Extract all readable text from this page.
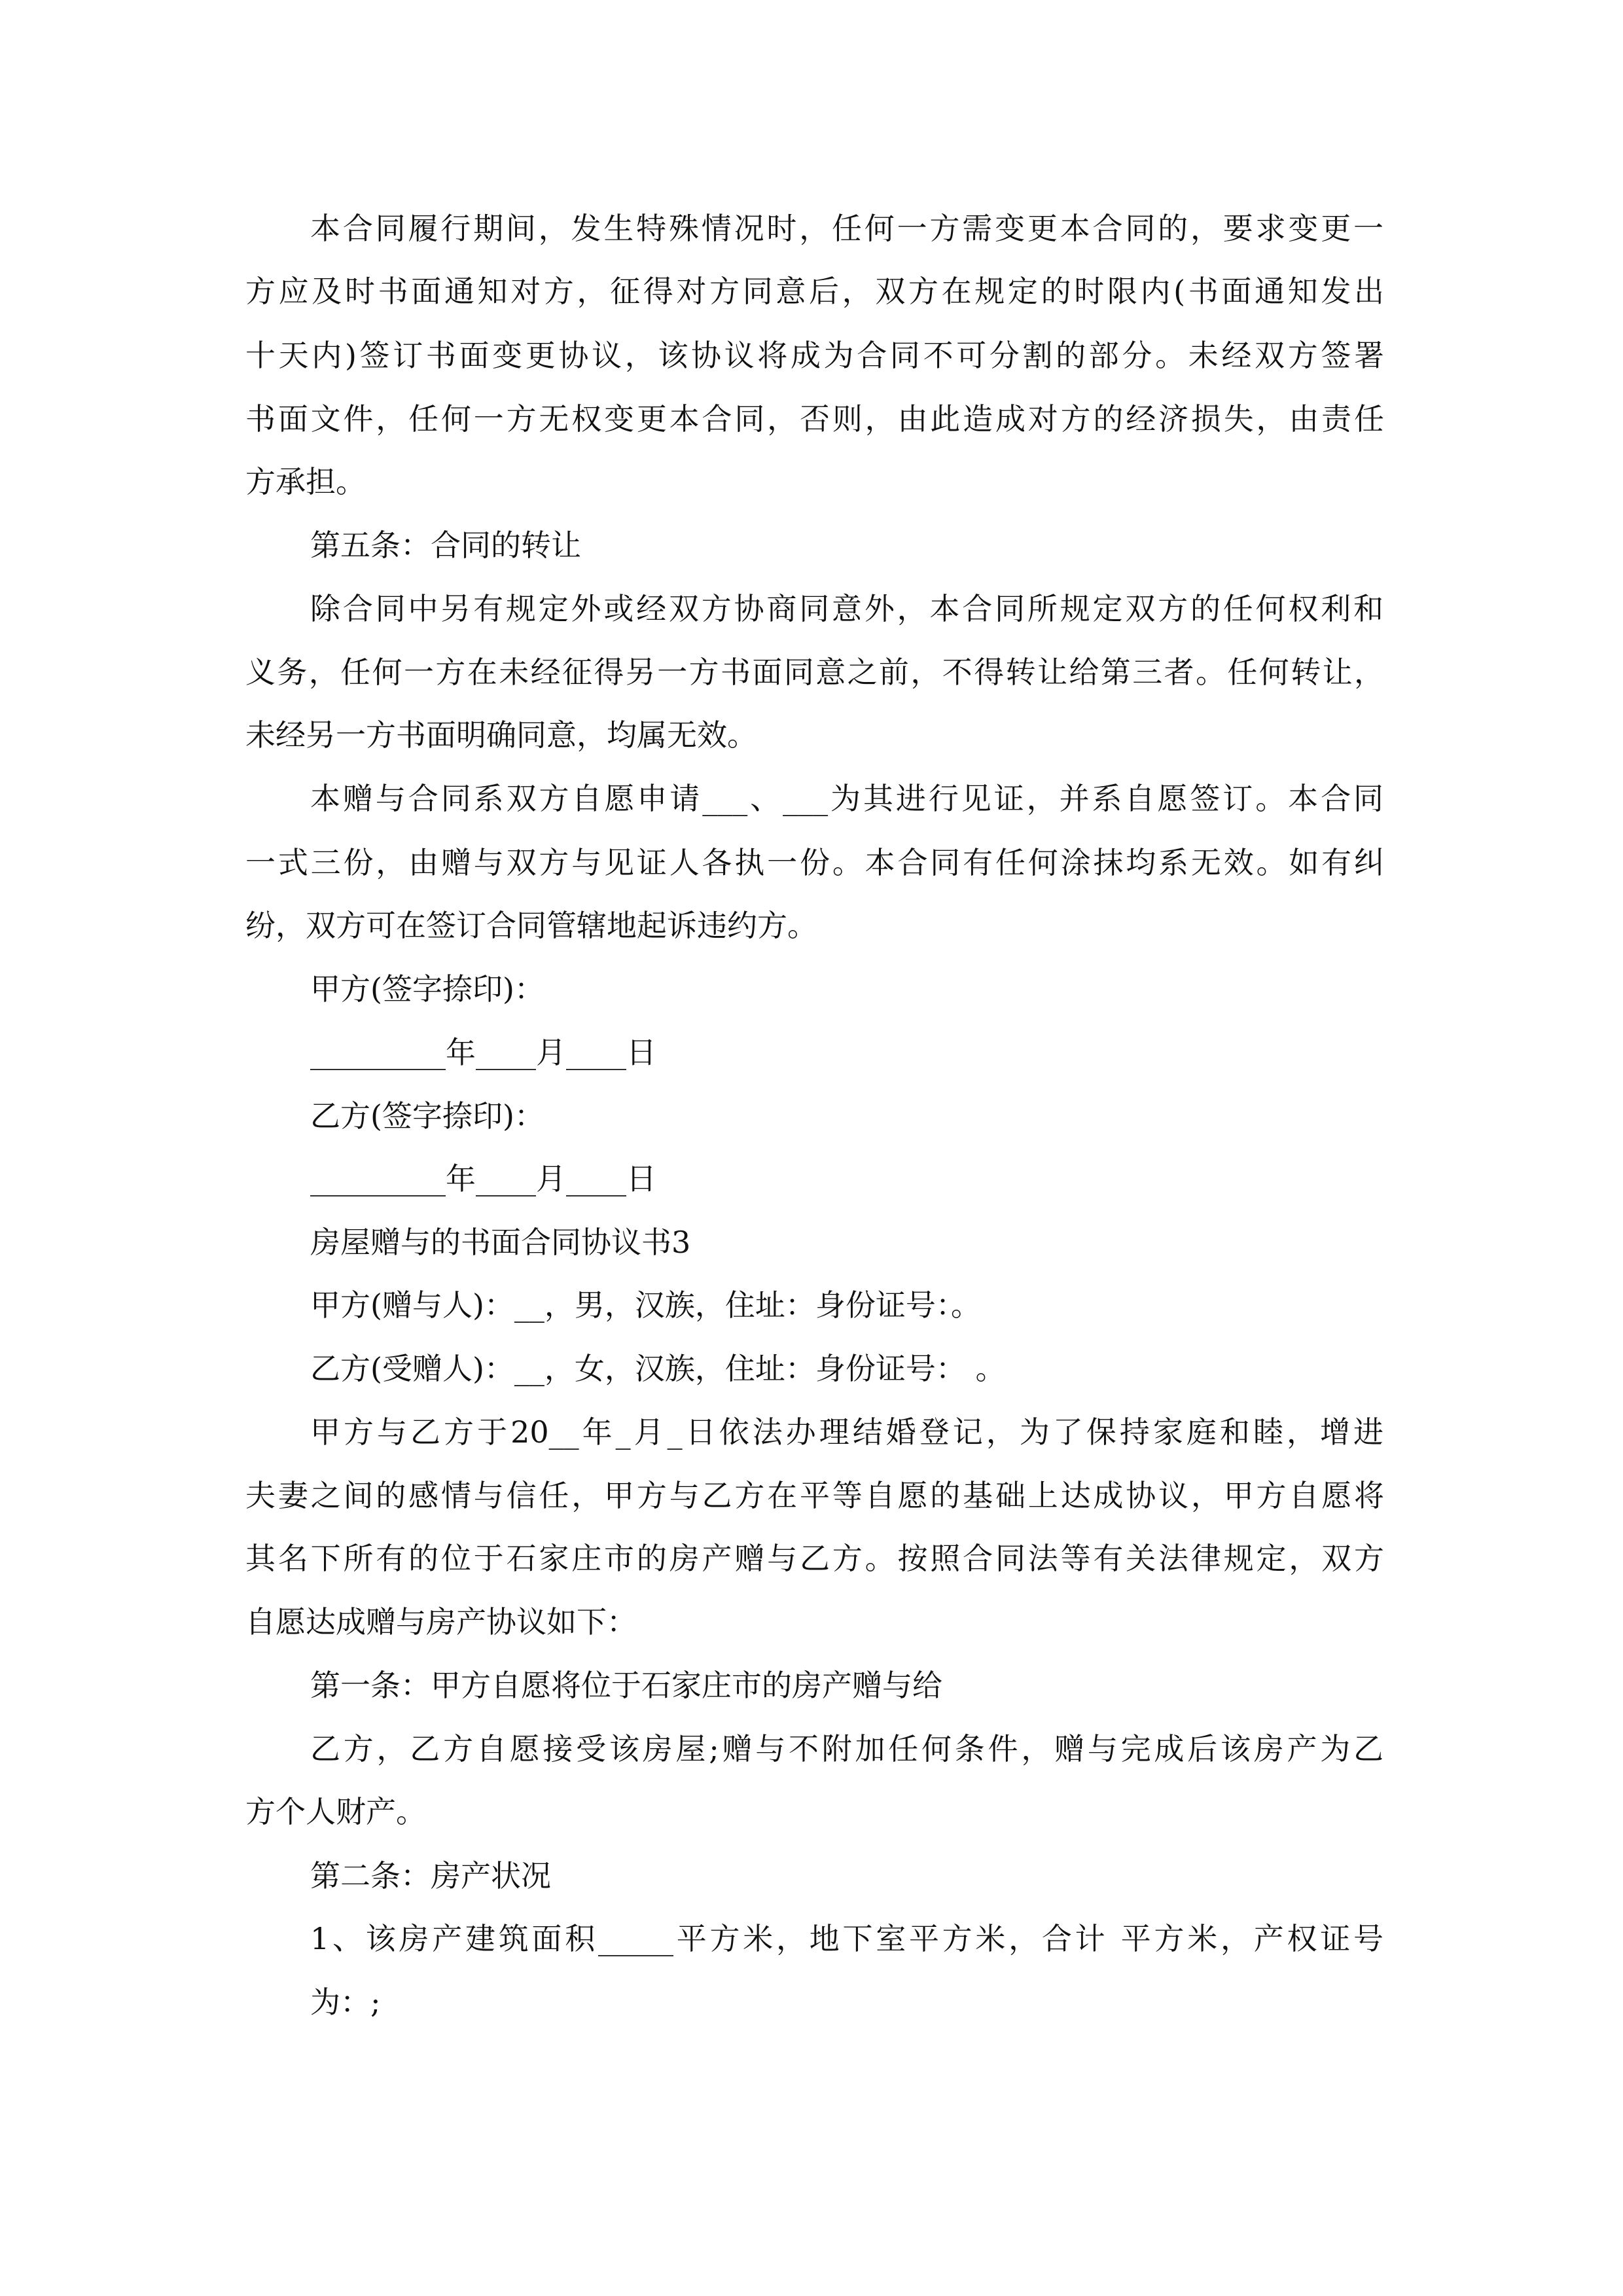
本合同履行期间，发生特殊情况时，任何一方需变更本合同的，要求变更一
方应及时书面通知对方，征得对方同意后，双方在规定的时限内(书面通知发出
十天内)签订书面变更协议，该协议将成为合同不可分割的部分。未经双方签署
书面文件，任何一方无权变更本合同，否则，由此造成对方的经济损失，由责任
方承担。
第五条：合同的转让
除合同中另有规定外或经双方协商同意外，本合同所规定双方的任何权利和
义务，任何一方在未经征得另一方书面同意之前，不得转让给第三者。任何转让，
未经另一方书面明确同意，均属无效。
本赠与合同系双方自愿申请___、___为其进行见证，并系自愿签订。本合同
一式三份，由赠与双方与见证人各执一份。本合同有任何涂抹均系无效。如有纠
纷，双方可在签订合同管辖地起诉违约方。
甲方(签字捺印)：
_________年____月____日
乙方(签字捺印)：
_________年____月____日
房屋赠与的书面合同协议书3
甲方(赠与人)：__，男，汉族，住址：身份证号：。
乙方(受赠人)：__，女，汉族，住址：身份证号： 。
甲方与乙方于20__年_月_日依法办理结婚登记，为了保持家庭和睦，增进
夫妻之间的感情与信任，甲方与乙方在平等自愿的基础上达成协议，甲方自愿将
其名下所有的位于石家庄市的房产赠与乙方。按照合同法等有关法律规定，双方
自愿达成赠与房产协议如下：
第一条：甲方自愿将位于石家庄市的房产赠与给
乙方，乙方自愿接受该房屋;赠与不附加任何条件，赠与完成后该房产为乙
方个人财产。
第二条：房产状况
1、该房产建筑面积_____平方米，地下室平方米，合计 平方米，产权证号
为：;
